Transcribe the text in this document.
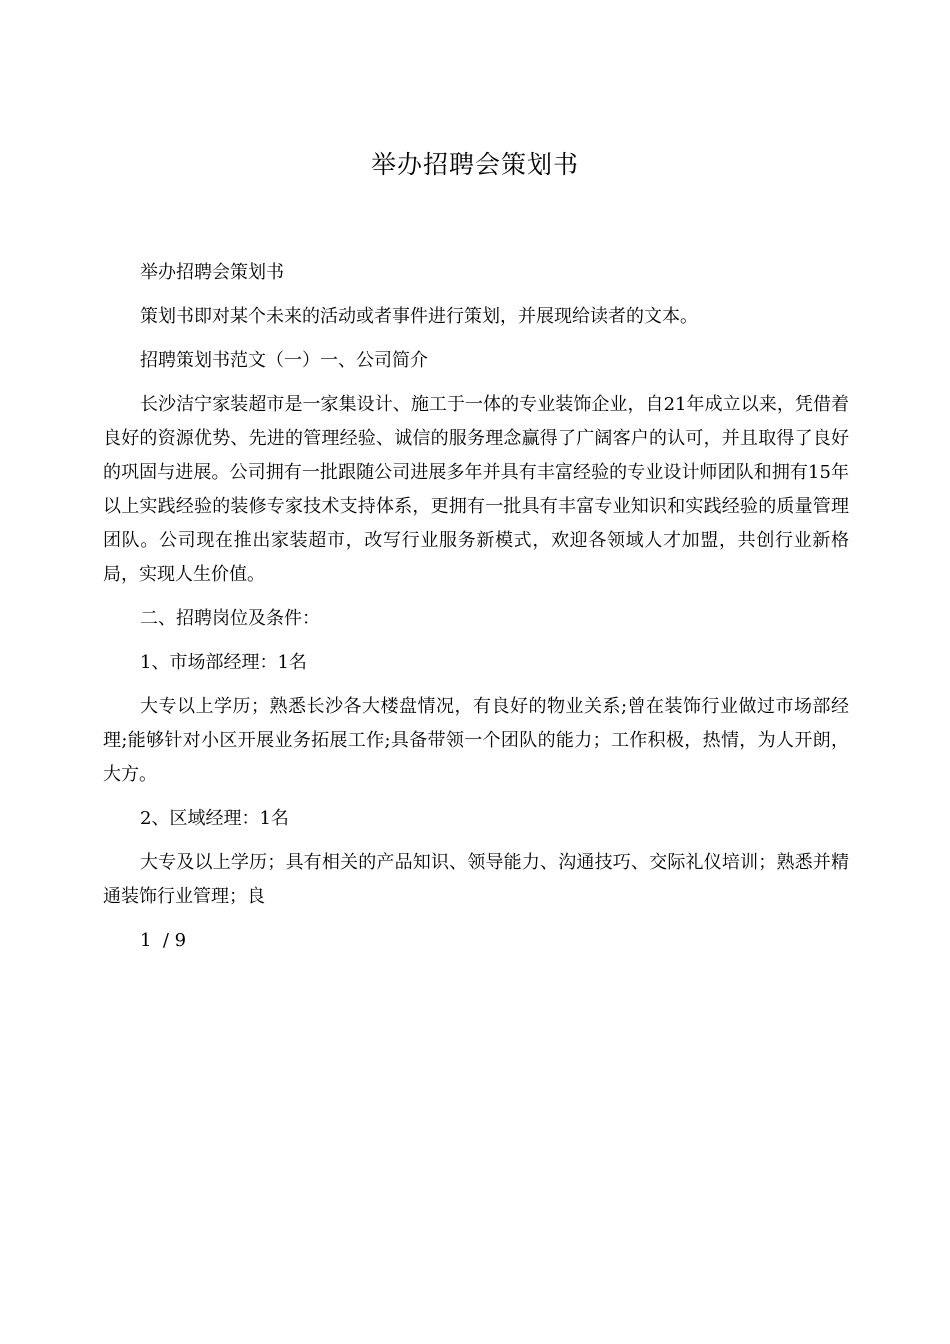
举办招聘会策划书

举办招聘会策划书

策划书即对某个未来的活动或者事件进行策划，并展现给读者的文本。

招聘策划书范文（一）一、公司简介

长沙洁宁家装超市是一家集设计、施工于一体的专业装饰企业，自21年成立以来，凭借着良好的资源优势、先进的管理经验、诚信的服务理念赢得了广阔客户的认可，并且取得了良好的巩固与进展。公司拥有一批跟随公司进展多年并具有丰富经验的专业设计师团队和拥有15年以上实践经验的装修专家技术支持体系，更拥有一批具有丰富专业知识和实践经验的质量管理团队。公司现在推出家装超市，改写行业服务新模式，欢迎各领域人才加盟，共创行业新格局，实现人生价值。

二、招聘岗位及条件：

1、市场部经理：1名

大专以上学历；熟悉长沙各大楼盘情况，有良好的物业关系;曾在装饰行业做过市场部经理;能够针对小区开展业务拓展工作;具备带领一个团队的能力；工作积极，热情，为人开朗，大方。

2、区域经理：1名

大专及以上学历；具有相关的产品知识、领导能力、沟通技巧、交际礼仪培训；熟悉并精通装饰行业管理；良

1  / 9
